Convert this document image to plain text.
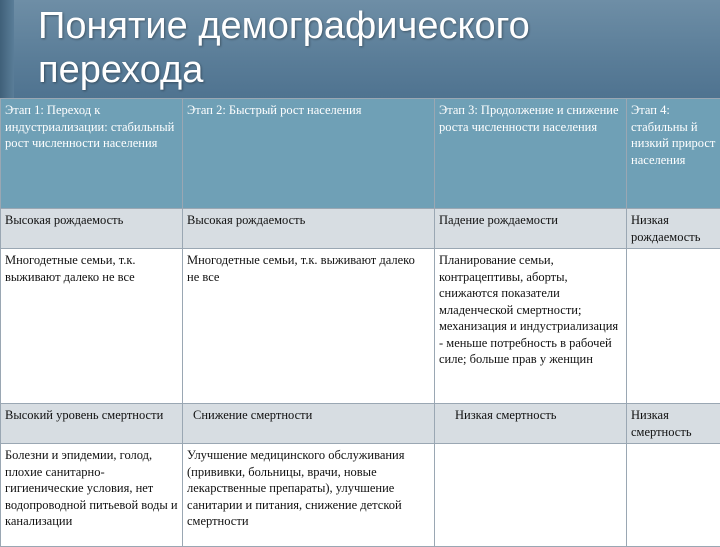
Понятие демографического перехода
Этап 1: Переход к индустриализации: стабильный рост численности населения	Этап 2: Быстрый рост населения	Этап 3: Продолжение и снижение роста численности населения	Этап 4: стабильны й низкий прирост населения
Высокая рождаемость	Высокая рождаемость	Падение рождаемости	Низкая рождаемость
Многодетные семьи, т.к. выживают далеко не все	Многодетные семьи, т.к. выживают далеко не все	Планирование семьи, контрацептивы, аборты, снижаются показатели младенческой смертности; механизация и индустриализация - меньше потребность в рабочей силе; больше прав у женщин	
Высокий уровень смертности	Снижение смертности	Низкая смертность	Низкая смертность
Болезни и эпидемии, голод, плохие санитарно-гигиенические условия, нет водопроводной питьевой воды и канализации	Улучшение медицинского обслуживания (прививки, больницы, врачи, новые лекарственные препараты), улучшение санитарии и питания, снижение детской смертности		
